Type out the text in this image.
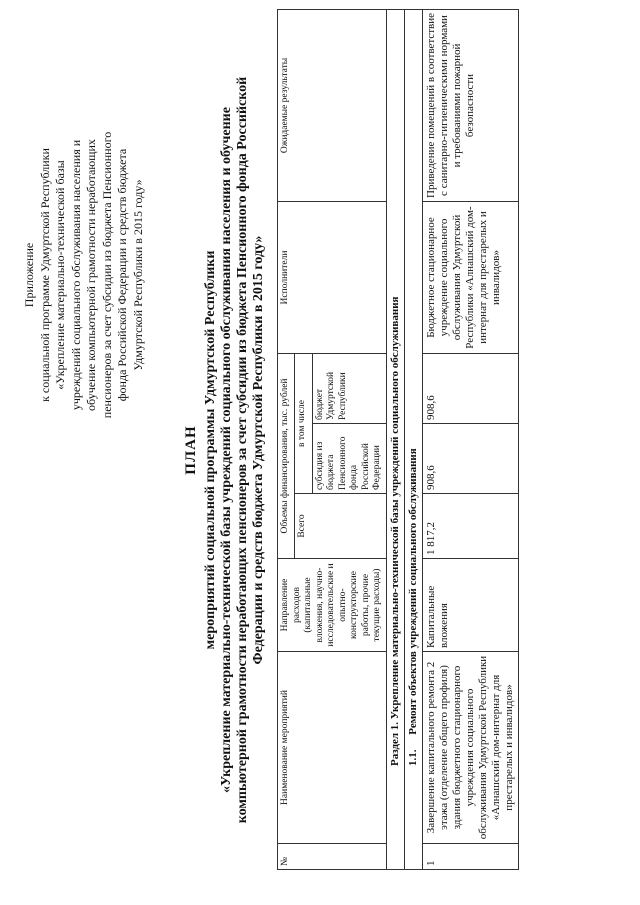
Приложение к социальной программе Удмуртской Республики «Укрепление материально-технической базы учреждений социального обслуживания населения и обучение компьютерной грамотности неработающих пенсионеров за счет субсидии из бюджета Пенсионного фонда Российской Федерации и средств бюджета Удмуртской Республики в 2015 году»
ПЛАН мероприятий социальной программы Удмуртской Республики «Укрепление материально-технической базы учреждений социального обслуживания населения и обучение компьютерной грамотности неработающих пенсионеров за счет субсидии из бюджета Пенсионного фонда Российской Федерации и средств бюджета Удмуртской Республики в 2015 году»
№	Наименование мероприятий	Направление расходов (капитальные вложения, научно-исследовательские и опытно-конструкторские работы, прочие текущие расходы)	Объемы финансирования, тыс. рублей			Исполнители	Ожидаемые результаты
			Всего	в том числе			
				субсидия из бюджета Пенсионного фонда Российской Федерации	бюджет Удмуртской Республики		
Раздел 1. Укрепление материально-технической базы учреждений социального обслуживания							
1.1. Ремонт объектов учреждений социального обслуживания							
1	Завершение капитального ремонта 2 этажа (отделение общего профиля) здания бюджетного стационарного учреждения социального обслуживания Удмуртской Республики «Алнашский дом-интернат для престарелых и инвалидов»	Капитальные вложения	1 817,2	908,6	908,6	Бюджетное стационарное учреждение социального обслуживания Удмуртской Республики «Алнашский дом-интернат для престарелых и инвалидов»	Приведение помещений в соответствие с санитарно-гигиеническими нормами и требованиями пожарной безопасности
